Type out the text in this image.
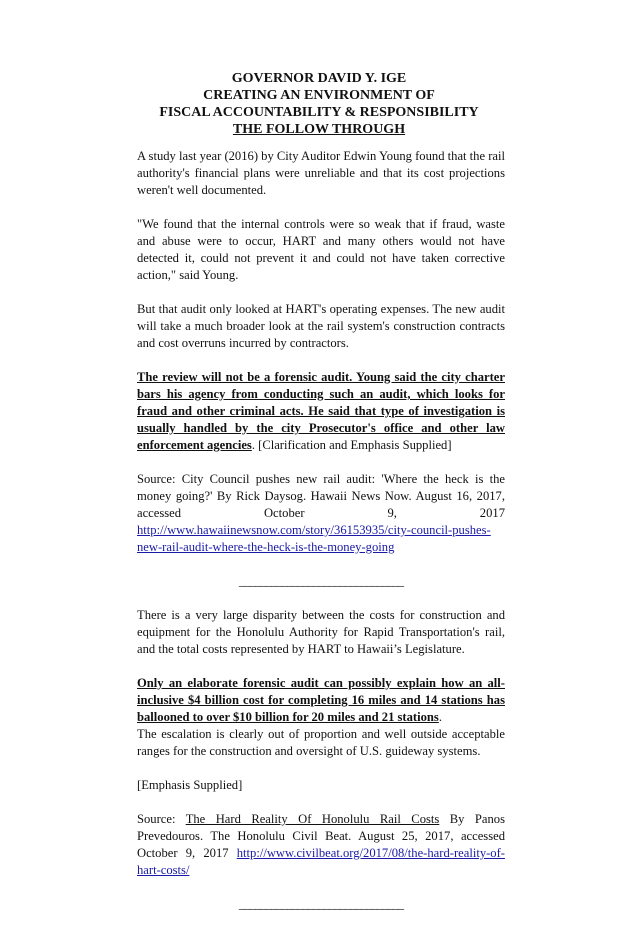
GOVERNOR DAVID Y. IGE
CREATING AN ENVIRONMENT OF
FISCAL ACCOUNTABILITY & RESPONSIBILITY
THE FOLLOW THROUGH

A study last year (2016) by City Auditor Edwin Young found that the rail authority's financial plans were unreliable and that its cost projections weren't well documented.

"We found that the internal controls were so weak that if fraud, waste and abuse were to occur, HART and many others would not have detected it, could not prevent it and could not have taken corrective action," said Young.

But that audit only looked at HART's operating expenses. The new audit will take a much broader look at the rail system's construction contracts and cost overruns incurred by contractors.

The review will not be a forensic audit. Young said the city charter bars his agency from conducting such an audit, which looks for fraud and other criminal acts. He said that type of investigation is usually handled by the city Prosecutor's office and other law enforcement agencies. [Clarification and Emphasis Supplied]

Source: City Council pushes new rail audit: 'Where the heck is the money going?' By Rick Daysog. Hawaii News Now. August 16, 2017, accessed October 9, 2017 http://www.hawaiinewsnow.com/story/36153935/city-council-pushes-new-rail-audit-where-the-heck-is-the-money-going

_______________________________

There is a very large disparity between the costs for construction and equipment for the Honolulu Authority for Rapid Transportation's rail, and the total costs represented by HART to Hawaii’s Legislature.

Only an elaborate forensic audit can possibly explain how an all-inclusive $4 billion cost for completing 16 miles and 14 stations has ballooned to over $10 billion for 20 miles and 21 stations.

The escalation is clearly out of proportion and well outside acceptable ranges for the construction and oversight of U.S. guideway systems.

[Emphasis Supplied]

Source: The Hard Reality Of Honolulu Rail Costs By Panos Prevedouros. The Honolulu Civil Beat. August 25, 2017, accessed October 9, 2017 http://www.civilbeat.org/2017/08/the-hard-reality-of-hart-costs/

_______________________________
